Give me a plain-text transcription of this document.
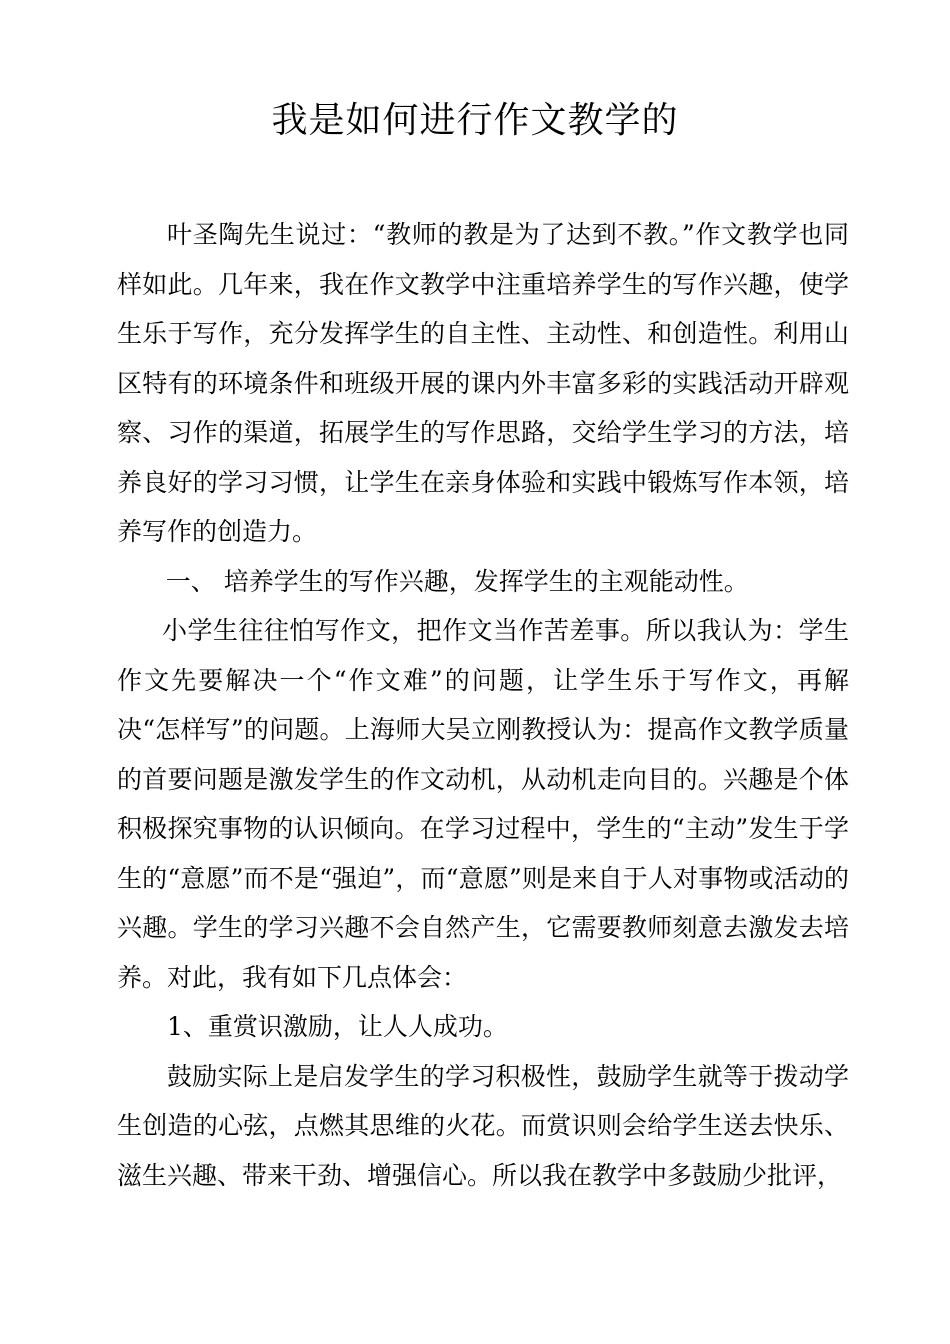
我是如何进行作文教学的

叶圣陶先生说过：“教师的教是为了达到不教。”作文教学也同样如此。几年来，我在作文教学中注重培养学生的写作兴趣，使学生乐于写作，充分发挥学生的自主性、主动性、和创造性。利用山区特有的环境条件和班级开展的课内外丰富多彩的实践活动开辟观察、习作的渠道，拓展学生的写作思路，交给学生学习的方法，培养良好的学习习惯，让学生在亲身体验和实践中锻炼写作本领，培养写作的创造力。

一、 培养学生的写作兴趣，发挥学生的主观能动性。

小学生往往怕写作文，把作文当作苦差事。所以我认为：学生作文先要解决一个“作文难”的问题，让学生乐于写作文，再解决“怎样写”的问题。上海师大吴立刚教授认为：提高作文教学质量的首要问题是激发学生的作文动机，从动机走向目的。兴趣是个体积极探究事物的认识倾向。在学习过程中，学生的“主动”发生于学生的“意愿”而不是“强迫”，而“意愿”则是来自于人对事物或活动的兴趣。学生的学习兴趣不会自然产生，它需要教师刻意去激发去培养。对此，我有如下几点体会：

1、重赏识激励，让人人成功。

鼓励实际上是启发学生的学习积极性，鼓励学生就等于拨动学生创造的心弦，点燃其思维的火花。而赏识则会给学生送去快乐、滋生兴趣、带来干劲、增强信心。所以我在教学中多鼓励少批评，
